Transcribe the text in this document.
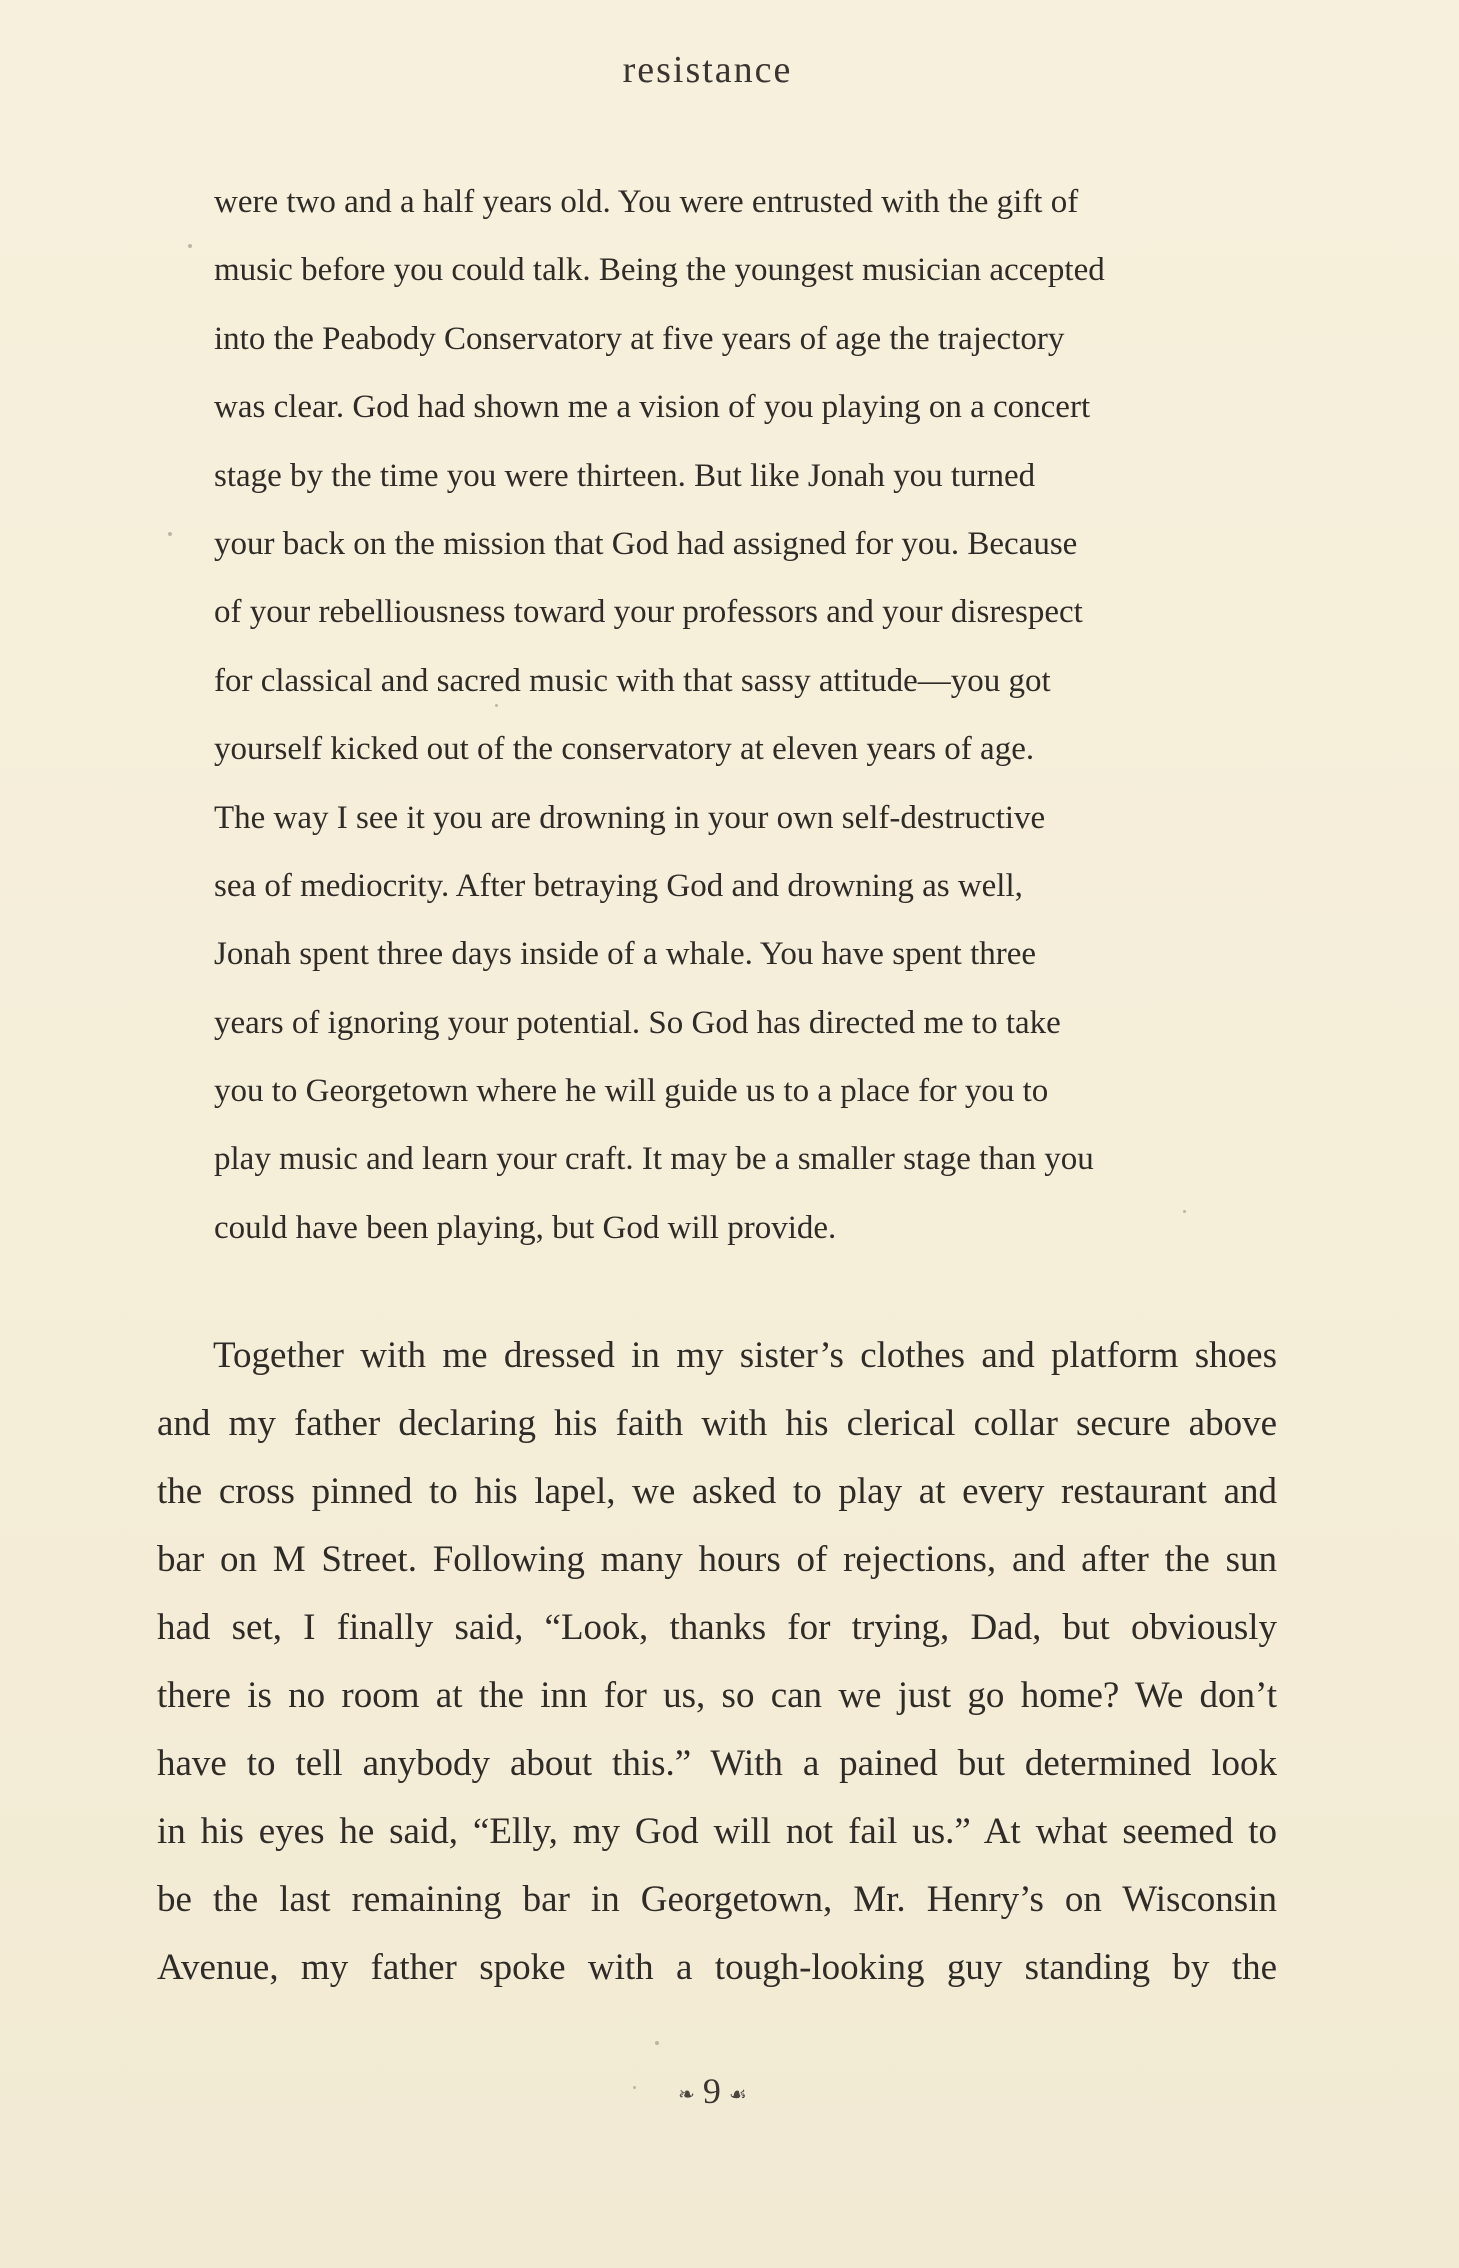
resistance
were two and a half years old. You were entrusted with the gift of
music before you could talk. Being the youngest musician accepted
into the Peabody Conservatory at five years of age the trajectory
was clear. God had shown me a vision of you playing on a concert
stage by the time you were thirteen. But like Jonah you turned
your back on the mission that God had assigned for you. Because
of your rebelliousness toward your professors and your disrespect
for classical and sacred music with that sassy attitude—you got
yourself kicked out of the conservatory at eleven years of age.
The way I see it you are drowning in your own self-destructive
sea of mediocrity. After betraying God and drowning as well,
Jonah spent three days inside of a whale. You have spent three
years of ignoring your potential. So God has directed me to take
you to Georgetown where he will guide us to a place for you to
play music and learn your craft. It may be a smaller stage than you
could have been playing, but God will provide.
Together with me dressed in my sister’s clothes and platform shoes
and my father declaring his faith with his clerical collar secure above
the cross pinned to his lapel, we asked to play at every restaurant and
bar on M Street. Following many hours of rejections, and after the sun
had set, I finally said, “Look, thanks for trying, Dad, but obviously
there is no room at the inn for us, so can we just go home? We don’t
have to tell anybody about this.” With a pained but determined look
in his eyes he said, “Elly, my God will not fail us.” At what seemed to
be the last remaining bar in Georgetown, Mr. Henry’s on Wisconsin
Avenue, my father spoke with a tough-looking guy standing by the
❧ 9 ☙
